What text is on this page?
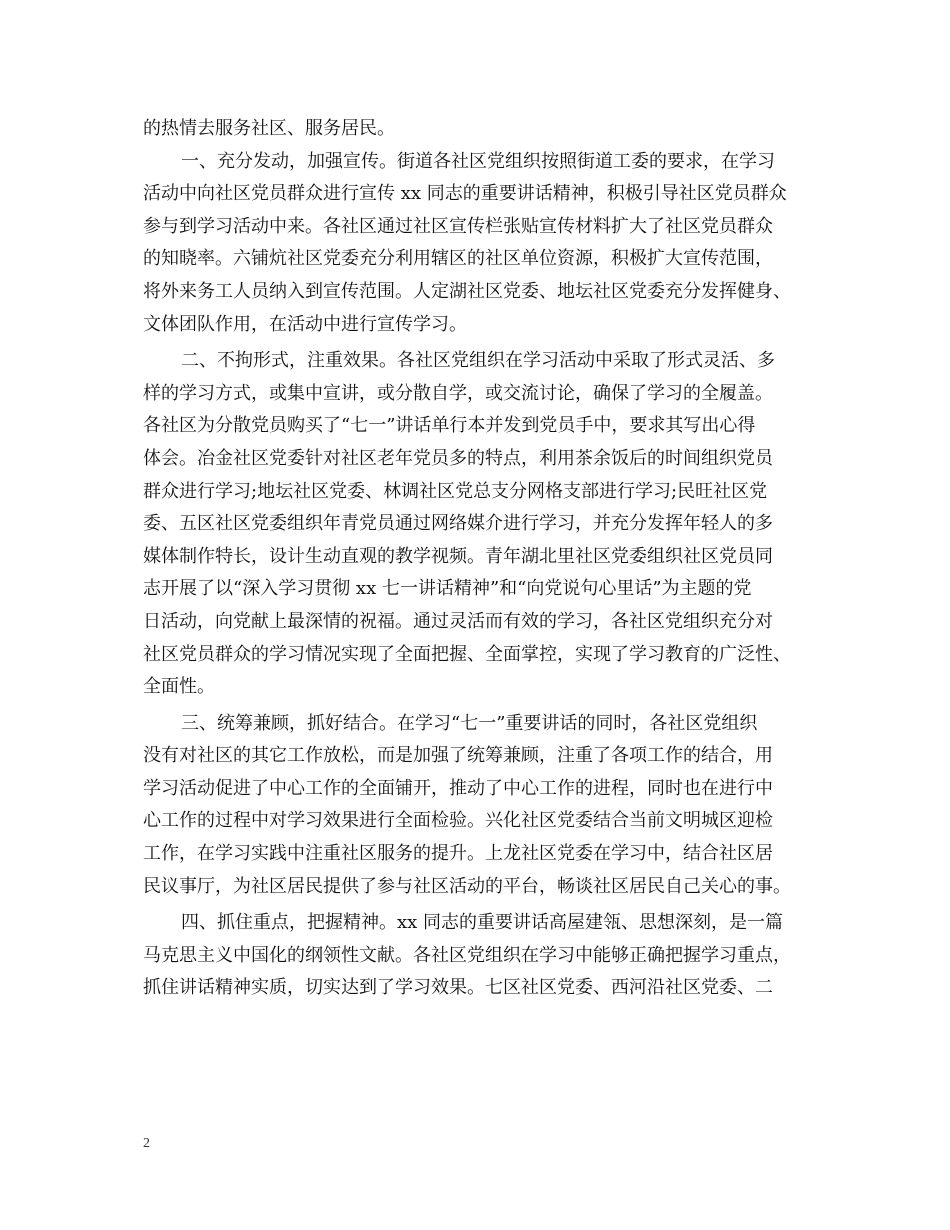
的热情去服务社区、服务居民。
一、充分发动，加强宣传。街道各社区党组织按照街道工委的要求，在学习
活动中向社区党员群众进行宣传 xx 同志的重要讲话精神，积极引导社区党员群众
参与到学习活动中来。各社区通过社区宣传栏张贴宣传材料扩大了社区党员群众
的知晓率。六铺炕社区党委充分利用辖区的社区单位资源，积极扩大宣传范围，
将外来务工人员纳入到宣传范围。人定湖社区党委、地坛社区党委充分发挥健身、
文体团队作用，在活动中进行宣传学习。
二、不拘形式，注重效果。各社区党组织在学习活动中采取了形式灵活、多
样的学习方式，或集中宣讲，或分散自学，或交流讨论，确保了学习的全履盖。
各社区为分散党员购买了“七一”讲话单行本并发到党员手中，要求其写出心得
体会。冶金社区党委针对社区老年党员多的特点，利用茶余饭后的时间组织党员
群众进行学习;地坛社区党委、林调社区党总支分网格支部进行学习;民旺社区党
委、五区社区党委组织年青党员通过网络媒介进行学习，并充分发挥年轻人的多
媒体制作特长，设计生动直观的教学视频。青年湖北里社区党委组织社区党员同
志开展了以“深入学习贯彻 xx 七一讲话精神”和“向党说句心里话”为主题的党
日活动，向党献上最深情的祝福。通过灵活而有效的学习，各社区党组织充分对
社区党员群众的学习情况实现了全面把握、全面掌控，实现了学习教育的广泛性、
全面性。
三、统筹兼顾，抓好结合。在学习“七一”重要讲话的同时，各社区党组织
没有对社区的其它工作放松，而是加强了统筹兼顾，注重了各项工作的结合，用
学习活动促进了中心工作的全面铺开，推动了中心工作的进程，同时也在进行中
心工作的过程中对学习效果进行全面检验。兴化社区党委结合当前文明城区迎检
工作，在学习实践中注重社区服务的提升。上龙社区党委在学习中，结合社区居
民议事厅，为社区居民提供了参与社区活动的平台，畅谈社区居民自己关心的事。
四、抓住重点，把握精神。xx 同志的重要讲话高屋建瓴、思想深刻，是一篇
马克思主义中国化的纲领性文献。各社区党组织在学习中能够正确把握学习重点，
抓住讲话精神实质，切实达到了学习效果。七区社区党委、西河沿社区党委、二
2
